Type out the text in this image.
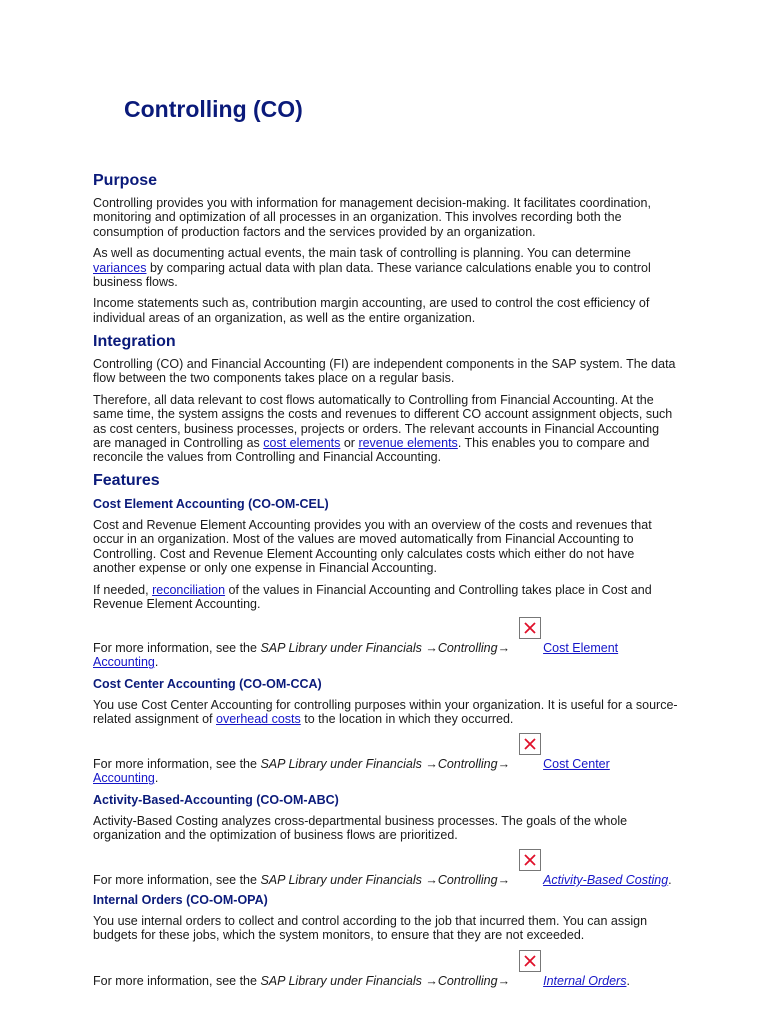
Controlling (CO)
Purpose

Controlling provides you with information for management decision-making. It facilitates coordination, monitoring and optimization of all processes in an organization. This involves recording both the consumption of production factors and the services provided by an organization.

As well as documenting actual events, the main task of controlling is planning. You can determine variances by comparing actual data with plan data. These variance calculations enable you to control business flows.

Income statements such as, contribution margin accounting, are used to control the cost efficiency of individual areas of an organization, as well as the entire organization.

Integration

Controlling (CO) and Financial Accounting (FI) are independent components in the SAP system. The data flow between the two components takes place on a regular basis.

Therefore, all data relevant to cost flows automatically to Controlling from Financial Accounting. At the same time, the system assigns the costs and revenues to different CO account assignment objects, such as cost centers, business processes, projects or orders. The relevant accounts in Financial Accounting are managed in Controlling as cost elements or revenue elements. This enables you to compare and reconcile the values from Controlling and Financial Accounting.

Features
Cost Element Accounting (CO-OM-CEL)

Cost and Revenue Element Accounting provides you with an overview of the costs and revenues that occur in an organization. Most of the values are moved automatically from Financial Accounting to Controlling. Cost and Revenue Element Accounting only calculates costs which either do not have another expense or only one expense in Financial Accounting.

If needed, reconciliation of the values in Financial Accounting and Controlling takes place in Cost and Revenue Element Accounting.

For more information, see the SAP Library under Financials →Controlling→	Cost Element
Accounting.

Cost Center Accounting (CO-OM-CCA)

You use Cost Center Accounting for controlling purposes within your organization. It is useful for a source-related assignment of overhead costs to the location in which they occurred.

For more information, see the SAP Library under Financials →Controlling→	Cost Center
Accounting.

Activity-Based-Accounting (CO-OM-ABC)

Activity-Based Costing analyzes cross-departmental business processes. The goals of the whole organization and the optimization of business flows are prioritized.

For more information, see the SAP Library under Financials →Controlling→	Activity-Based Costing.

Internal Orders (CO-OM-OPA)

You use internal orders to collect and control according to the job that incurred them. You can assign budgets for these jobs, which the system monitors, to ensure that they are not exceeded.

For more information, see the SAP Library under Financials →Controlling→	Internal Orders.
